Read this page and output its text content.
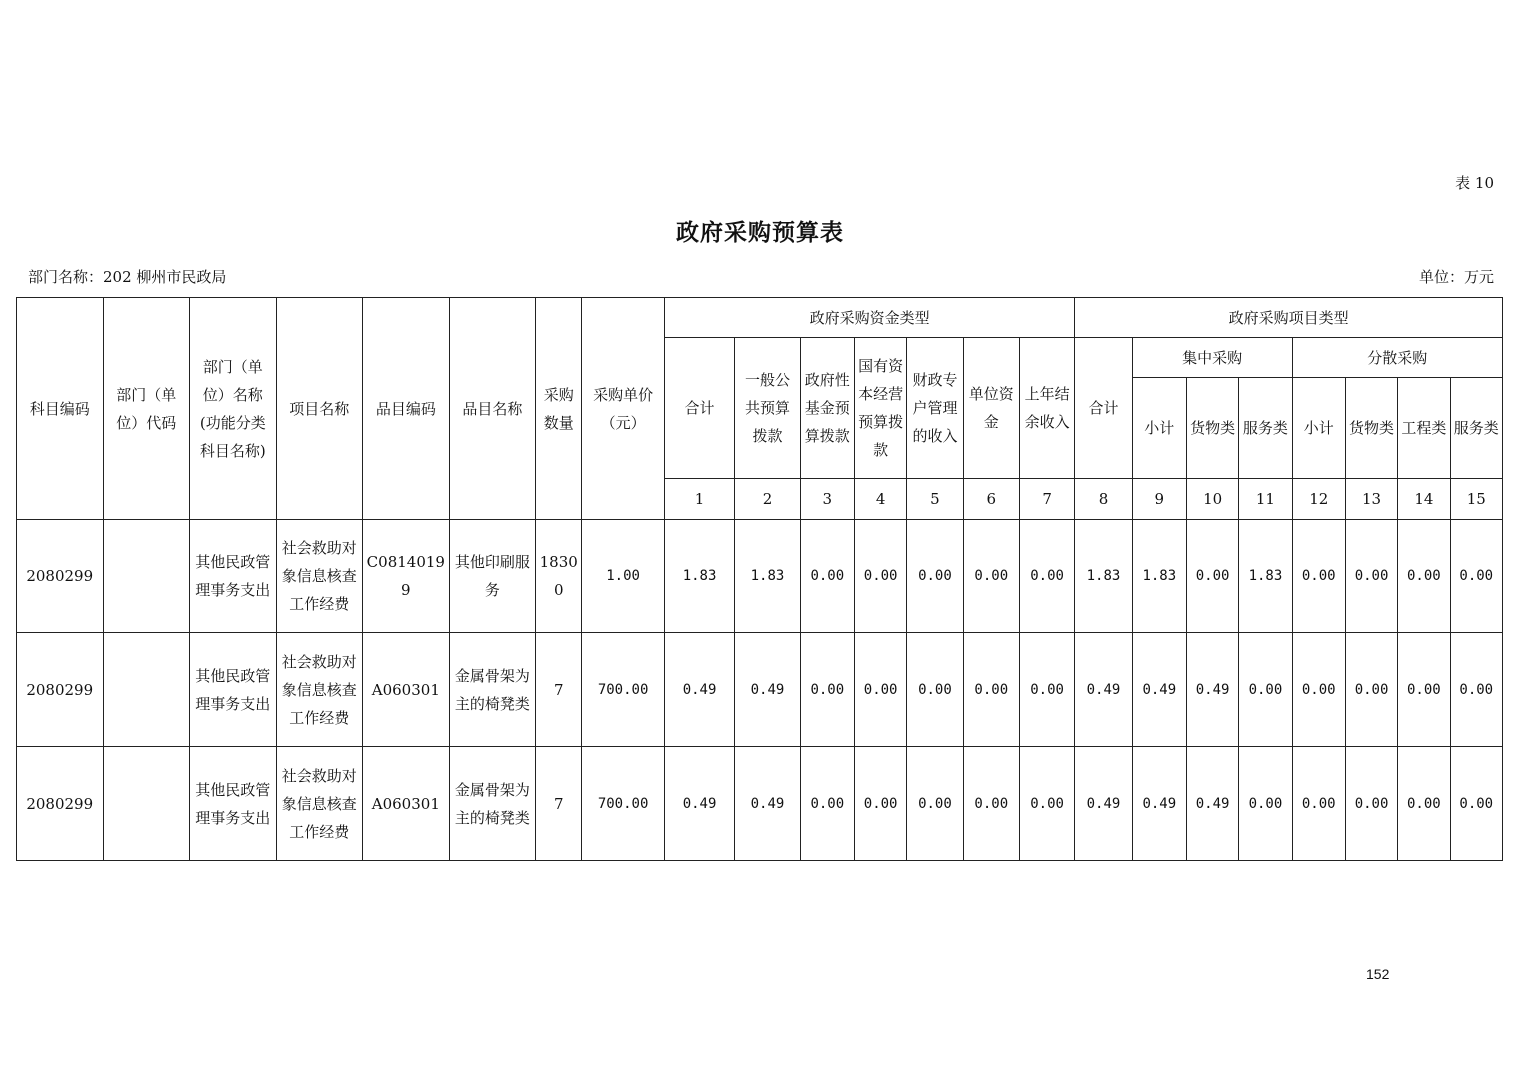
表 10
政府采购预算表
部门名称：202 柳州市民政局	单位：万元
科目编码	部门（单位）代码	部门（单位）名称(功能分类科目名称)	项目名称	品目编码	品目名称	采购数量	采购单价（元）	政府采购资金类型							政府采购项目类型							
								合计	一般公共预算拨款	政府性基金预算拨款	国有资本经营预算拨款	财政专户管理的收入	单位资金	上年结余收入	合计	集中采购			分散采购			
																小计	货物类	服务类	小计	货物类	工程类	服务类
								1	2	3	4	5	6	7	8	9	10	11	12	13	14	15
2080299		其他民政管理事务支出	社会救助对象信息核查工作经费	C08140199	其他印刷服务	18300	1.00	1.83	1.83	0.00	0.00	0.00	0.00	0.00	1.83	1.83	0.00	1.83	0.00	0.00	0.00	0.00
2080299		其他民政管理事务支出	社会救助对象信息核查工作经费	A060301	金属骨架为主的椅凳类	7	700.00	0.49	0.49	0.00	0.00	0.00	0.00	0.00	0.49	0.49	0.49	0.00	0.00	0.00	0.00	0.00
2080299		其他民政管理事务支出	社会救助对象信息核查工作经费	A060301	金属骨架为主的椅凳类	7	700.00	0.49	0.49	0.00	0.00	0.00	0.00	0.00	0.49	0.49	0.49	0.00	0.00	0.00	0.00	0.00
152
